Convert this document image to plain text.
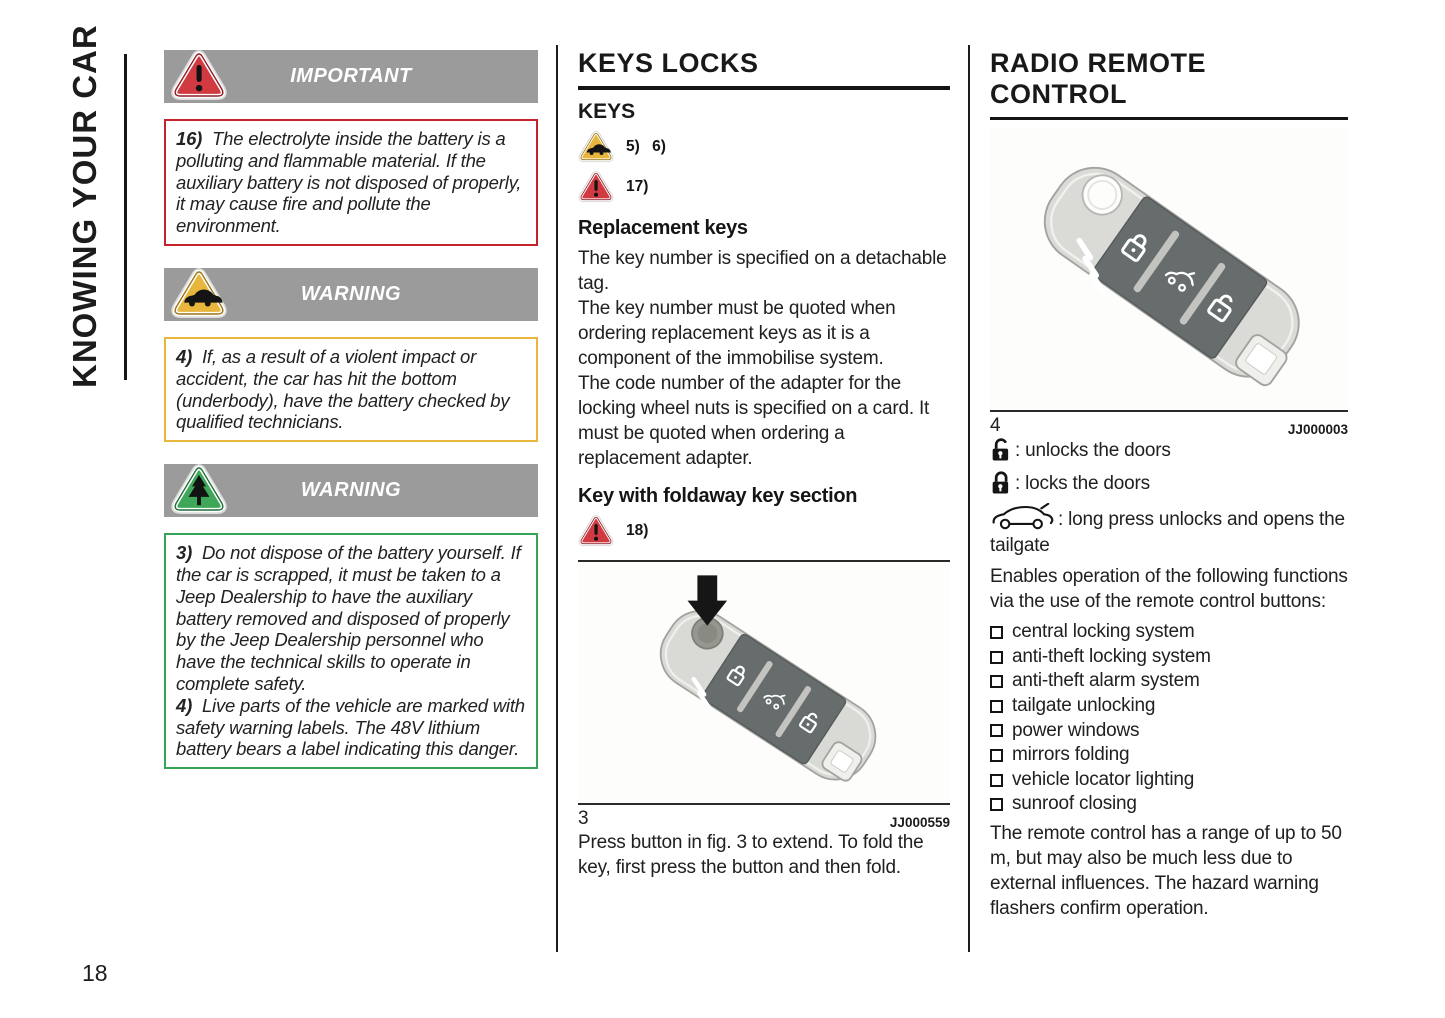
KNOWING YOUR CAR
18
IMPORTANT

16) The electrolyte inside the battery is a polluting and flammable material. If the auxiliary battery is not disposed of properly, it may cause fire and pollute the environment.

WARNING

4) If, as a result of a violent impact or accident, the car has hit the bottom (underbody), have the battery checked by qualified technicians.

WARNING

3) Do not dispose of the battery yourself. If the car is scrapped, it must be taken to a Jeep Dealership to have the auxiliary battery removed and disposed of properly by the Jeep Dealership personnel who have the technical skills to operate in complete safety.

4) Live parts of the vehicle are marked with safety warning labels. The 48V lithium battery bears a label indicating this danger.

KEYS LOCKS
KEYS
5) 6)
17)
Replacement keys

The key number is specified on a detachable tag.

The key number must be quoted when ordering replacement keys as it is a component of the immobilise system.

The code number of the adapter for the locking wheel nuts is specified on a card. It must be quoted when ordering a replacement adapter.

Key with foldaway key section
18)
3	JJ000559

Press button in fig. 3 to extend. To fold the key, first press the button and then fold.

RADIO REMOTE CONTROL
4	JJ000003

: unlocks the doors

: locks the doors

: long press unlocks and opens the tailgate

Enables operation of the following functions via the use of the remote control buttons:

central locking system
anti-theft locking system
anti-theft alarm system
tailgate unlocking
power windows
mirrors folding
vehicle locator lighting
sunroof closing

The remote control has a range of up to 50 m, but may also be much less due to external influences. The hazard warning flashers confirm operation.
